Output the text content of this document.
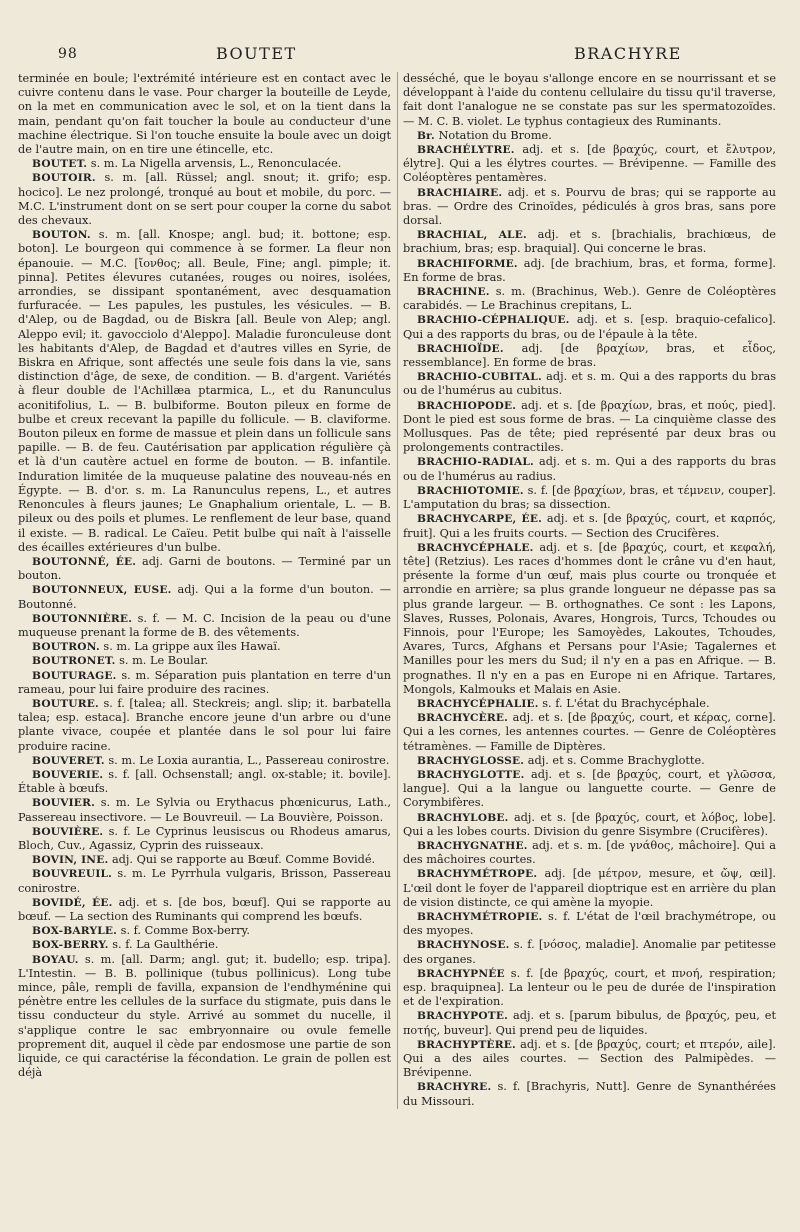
98	BOUTET	BRACHYRE

terminée en boule; l'extrémité intérieure est en contact avec le cuivre contenu dans le vase. Pour charger la bouteille de Leyde, on la met en communication avec le sol, et on la tient dans la main, pendant qu'on fait toucher la boule au conducteur d'une machine électrique. Si l'on touche ensuite la boule avec un doigt de l'autre main, on en tire une étincelle, etc.

BOUTET. s. m. La Nigella arvensis, L., Renonculacée.

BOUTOIR. s. m. [all. Rüssel; angl. snout; it. grifo; esp. hocico]. Le nez prolongé, tronqué au bout et mobile, du porc. — M.C. L'instrument dont on se sert pour couper la corne du sabot des chevaux.

BOUTON. s. m. [all. Knospe; angl. bud; it. bottone; esp. boton]. Le bourgeon qui commence à se former. La fleur non épanouie. — M.C. [ἴονθος; all. Beule, Fine; angl. pimple; it. pinna]. Petites élevures cutanées, rouges ou noires, isolées, arrondies, se dissipant spontanément, avec desquamation furfuracée. — Les papules, les pustules, les vésicules. — B. d'Alep, ou de Bagdad, ou de Biskra [all. Beule von Alep; angl. Aleppo evil; it. gavocciolo d'Aleppo]. Maladie furonculeuse dont les habitants d'Alep, de Bagdad et d'autres villes en Syrie, de Biskra en Afrique, sont affectés une seule fois dans la vie, sans distinction d'âge, de sexe, de condition. — B. d'argent. Variétés à fleur double de l'Achillæa ptarmica, L., et du Ranunculus aconitifolius, L. — B. bulbiforme. Bouton pileux en forme de bulbe et creux recevant la papille du follicule. — B. claviforme. Bouton pileux en forme de massue et plein dans un follicule sans papille. — B. de feu. Cautérisation par application régulière çà et là d'un cautère actuel en forme de bouton. — B. infantile. Induration limitée de la muqueuse palatine des nouveau-nés en Égypte. — B. d'or. s. m. La Ranunculus repens, L., et autres Renoncules à fleurs jaunes; Le Gnaphalium orientale, L. — B. pileux ou des poils et plumes. Le renflement de leur base, quand il existe. — B. radical. Le Caïeu. Petit bulbe qui naît à l'aisselle des écailles extérieures d'un bulbe.

BOUTONNÉ, ÉE. adj. Garni de boutons. — Terminé par un bouton.

BOUTONNEUX, EUSE. adj. Qui a la forme d'un bouton. — Boutonné.

BOUTONNIÈRE. s. f. — M. C. Incision de la peau ou d'une muqueuse prenant la forme de B. des vêtements.

BOUTRON. s. m. La grippe aux îles Hawaï.

BOUTRONET. s. m. Le Boular.

BOUTURAGE. s. m. Séparation puis plantation en terre d'un rameau, pour lui faire produire des racines.

BOUTURE. s. f. [talea; all. Steckreis; angl. slip; it. barbatella talea; esp. estaca]. Branche encore jeune d'un arbre ou d'une plante vivace, coupée et plantée dans le sol pour lui faire produire racine.

BOUVERET. s. m. Le Loxia aurantia, L., Passereau conirostre.

BOUVERIE. s. f. [all. Ochsenstall; angl. ox-stable; it. bovile]. Étable à bœufs.

BOUVIER. s. m. Le Sylvia ou Erythacus phœnicurus, Lath., Passereau insectivore. — Le Bouvreuil. — La Bouvière, Poisson.

BOUVIÈRE. s. f. Le Cyprinus leusiscus ou Rhodeus amarus, Bloch, Cuv., Agassiz, Cyprin des ruisseaux.

BOVIN, INE. adj. Qui se rapporte au Bœuf. Comme Bovidé.

BOUVREUIL. s. m. Le Pyrrhula vulgaris, Brisson, Passereau conirostre.

BOVIDÉ, ÉE. adj. et s. [de bos, bœuf]. Qui se rapporte au bœuf. — La section des Ruminants qui comprend les bœufs.

BOX-BARYLE. s. f. Comme Box-berry.

BOX-BERRY. s. f. La Gaulthérie.

BOYAU. s. m. [all. Darm; angl. gut; it. budello; esp. tripa]. L'Intestin. — B. B. pollinique (tubus pollinicus). Long tube mince, pâle, rempli de favilla, expansion de l'endhyménine qui pénètre entre les cellules de la surface du stigmate, puis dans le tissu conducteur du style. Arrivé au sommet du nucelle, il s'applique contre le sac embryonnaire ou ovule femelle proprement dit, auquel il cède par endosmose une partie de son liquide, ce qui caractérise la fécondation. Le grain de pollen est déjà

desséché, que le boyau s'allonge encore en se nourrissant et se développant à l'aide du contenu cellulaire du tissu qu'il traverse, fait dont l'analogue ne se constate pas sur les spermatozoïdes. — M. C. B. violet. Le typhus contagieux des Ruminants.

Br. Notation du Brome.

BRACHÉLYTRE. adj. et s. [de βραχύς, court, et ἔλυτρον, élytre]. Qui a les élytres courtes. — Brévipenne. — Famille des Coléoptères pentamères.

BRACHIAIRE. adj. et s. Pourvu de bras; qui se rapporte au bras. — Ordre des Crinoïdes, pédiculés à gros bras, sans pore dorsal.

BRACHIAL, ALE. adj. et s. [brachialis, brachiœus, de brachium, bras; esp. braquial]. Qui concerne le bras.

BRACHIFORME. adj. [de brachium, bras, et forma, forme]. En forme de bras.

BRACHINE. s. m. (Brachinus, Web.). Genre de Coléoptères carabidés. — Le Brachinus crepitans, L.

BRACHIO-CÉPHALIQUE. adj. et s. [esp. braquio-cefalico]. Qui a des rapports du bras, ou de l'épaule à la tête.

BRACHIOÏDE. adj. [de βραχίων, bras, et εἶδος, ressemblance]. En forme de bras.

BRACHIO-CUBITAL. adj. et s. m. Qui a des rapports du bras ou de l'humérus au cubitus.

BRACHIOPODE. adj. et s. [de βραχίων, bras, et πούς, pied]. Dont le pied est sous forme de bras. — La cinquième classe des Mollusques. Pas de tête; pied représenté par deux bras ou prolongements contractiles.

BRACHIO-RADIAL. adj. et s. m. Qui a des rapports du bras ou de l'humérus au radius.

BRACHIOTOMIE. s. f. [de βραχίων, bras, et τέμνειν, couper]. L'amputation du bras; sa dissection.

BRACHYCARPE, ÉE. adj. et s. [de βραχύς, court, et καρπός, fruit]. Qui a les fruits courts. — Section des Crucifères.

BRACHYCÉPHALE. adj. et s. [de βραχύς, court, et κεφαλή, tête] (Retzius). Les races d'hommes dont le crâne vu d'en haut, présente la forme d'un œuf, mais plus courte ou tronquée et arrondie en arrière; sa plus grande longueur ne dépasse pas sa plus grande largeur. — B. orthognathes. Ce sont : les Lapons, Slaves, Russes, Polonais, Avares, Hongrois, Turcs, Tchoudes ou Finnois, pour l'Europe; les Samoyèdes, Lakoutes, Tchoudes, Avares, Turcs, Afghans et Persans pour l'Asie; Tagalernes et Manilles pour les mers du Sud; il n'y en a pas en Afrique. — B. prognathes. Il n'y en a pas en Europe ni en Afrique. Tartares, Mongols, Kalmouks et Malais en Asie.

BRACHYCÉPHALIE. s. f. L'état du Brachycéphale.

BRACHYCÈRE. adj. et s. [de βραχύς, court, et κέρας, corne]. Qui a les cornes, les antennes courtes. — Genre de Coléoptères tétramènes. — Famille de Diptères.

BRACHYGLOSSE. adj. et s. Comme Brachyglotte.

BRACHYGLOTTE. adj. et s. [de βραχύς, court, et γλῶσσα, langue]. Qui a la langue ou languette courte. — Genre de Corymbifères.

BRACHYLOBE. adj. et s. [de βραχύς, court, et λόβος, lobe]. Qui a les lobes courts. Division du genre Sisymbre (Crucifères).

BRACHYGNATHE. adj. et s. m. [de γνάθος, mâchoire]. Qui a des mâchoires courtes.

BRACHYMÉTROPE. adj. [de μέτρον, mesure, et ὤψ, œil]. L'œil dont le foyer de l'appareil dioptrique est en arrière du plan de vision distincte, ce qui amène la myopie.

BRACHYMÉTROPIE. s. f. L'état de l'œil brachymétrope, ou des myopes.

BRACHYNOSE. s. f. [νόσος, maladie]. Anomalie par petitesse des organes.

BRACHYPNÉE s. f. [de βραχύς, court, et πνοή, respiration; esp. braquipnea]. La lenteur ou le peu de durée de l'inspiration et de l'expiration.

BRACHYPOTE. adj. et s. [parum bibulus, de βραχύς, peu, et ποτής, buveur]. Qui prend peu de liquides.

BRACHYPTÈRE. adj. et s. [de βραχύς, court; et πτερόν, aile]. Qui a des ailes courtes. — Section des Palmipèdes. — Brévipenne.

BRACHYRE. s. f. [Brachyris, Nutt]. Genre de Synanthérées du Missouri.
